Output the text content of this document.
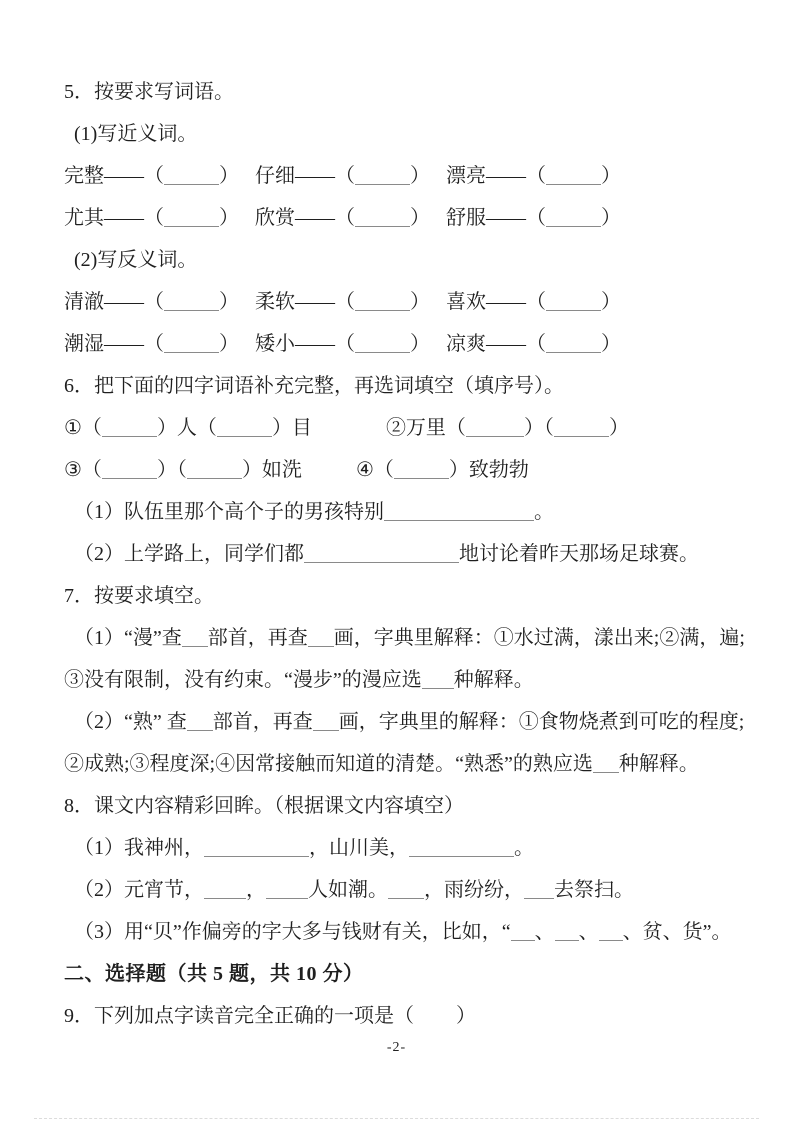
5．按要求写词语。
(1)写近义词。
完整——（	） 仔细——（	） 漂亮——（	）
尤其——（	） 欣赏——（	） 舒服——（	）
(2)写反义词。
清澈——（	） 柔软——（	） 喜欢——（	）
潮湿——（	） 矮小——（	） 凉爽——（	）
6．把下面的四字词语补充完整，再选词填空（填序号）。
①（	）人（	）目	②万里（	）（	）
③（	）（	）如洗	④（	）致勃勃
（1）队伍里那个高个子的男孩特别	。
（2）上学路上，同学们都	地讨论着昨天那场足球赛。
7．按要求填空。
（1）“漫”查 部首，再查 画，字典里解释：①水过满，漾出来;②满，遍;
③没有限制，没有约束。“漫步”的漫应选 种解释。
（2）“熟” 查 部首，再查 画，字典里的解释：①食物烧煮到可吃的程度;
②成熟;③程度深;④因常接触而知道的清楚。“熟悉”的熟应选 种解释。
8．课文内容精彩回眸。（根据课文内容填空）
（1）我神州，	，山川美，	。
（2）元宵节， ， 人如潮。 ，雨纷纷， 去祭扫。
（3）用“贝”作偏旁的字大多与钱财有关，比如，“ 、 、 、贫、货”。
二、选择题（共 5 题，共 10 分）
9．下列加点字读音完全正确的一项是（ ）
-2-
